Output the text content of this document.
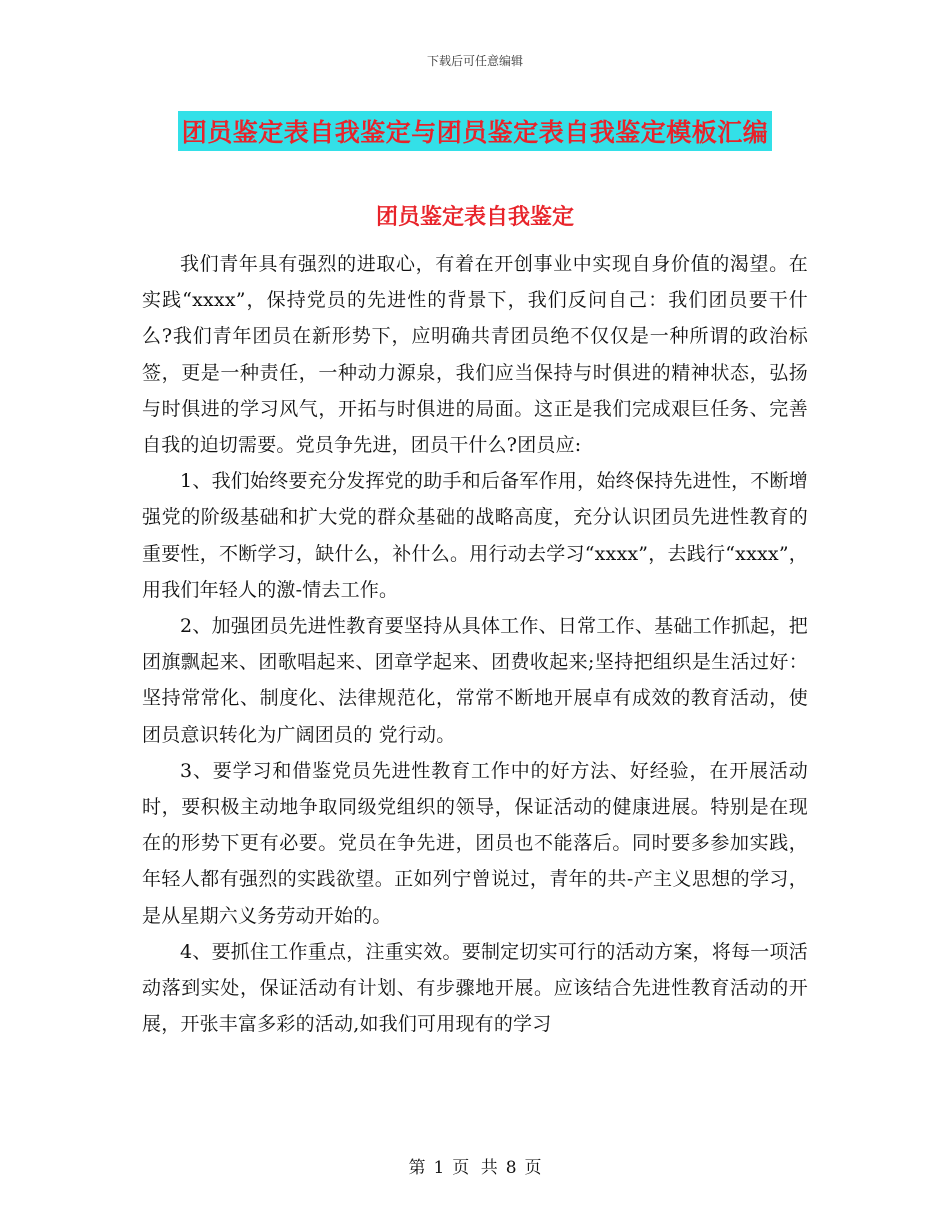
下载后可任意编辑
团员鉴定表自我鉴定与团员鉴定表自我鉴定模板汇编
团员鉴定表自我鉴定

我们青年具有强烈的进取心，有着在开创事业中实现自身价值的渴望。在实践“xxxx”，保持党员的先进性的背景下，我们反问自己：我们团员要干什么?我们青年团员在新形势下，应明确共青团员绝不仅仅是一种所谓的政治标签，更是一种责任，一种动力源泉，我们应当保持与时俱进的精神状态，弘扬与时俱进的学习风气，开拓与时俱进的局面。这正是我们完成艰巨任务、完善自我的迫切需要。党员争先进，团员干什么?团员应:

1、我们始终要充分发挥党的助手和后备军作用，始终保持先进性，不断增强党的阶级基础和扩大党的群众基础的战略高度，充分认识团员先进性教育的重要性，不断学习，缺什么，补什么。用行动去学习“xxxx”，去践行“xxxx”，用我们年轻人的激-情去工作。

2、加强团员先进性教育要坚持从具体工作、日常工作、基础工作抓起，把团旗飘起来、团歌唱起来、团章学起来、团费收起来;坚持把组织是生活过好：坚持常常化、制度化、法律规范化，常常不断地开展卓有成效的教育活动，使团员意识转化为广阔团员的 党行动。

3、要学习和借鉴党员先进性教育工作中的好方法、好经验，在开展活动时，要积极主动地争取同级党组织的领导，保证活动的健康进展。特别是在现在的形势下更有必要。党员在争先进，团员也不能落后。同时要多参加实践，年轻人都有强烈的实践欲望。正如列宁曾说过，青年的共-产主义思想的学习，是从星期六义务劳动开始的。

4、要抓住工作重点，注重实效。要制定切实可行的活动方案，将每一项活动落到实处，保证活动有计划、有步骤地开展。应该结合先进性教育活动的开展，开张丰富多彩的活动,如我们可用现有的学习

第 1 页 共 8 页
